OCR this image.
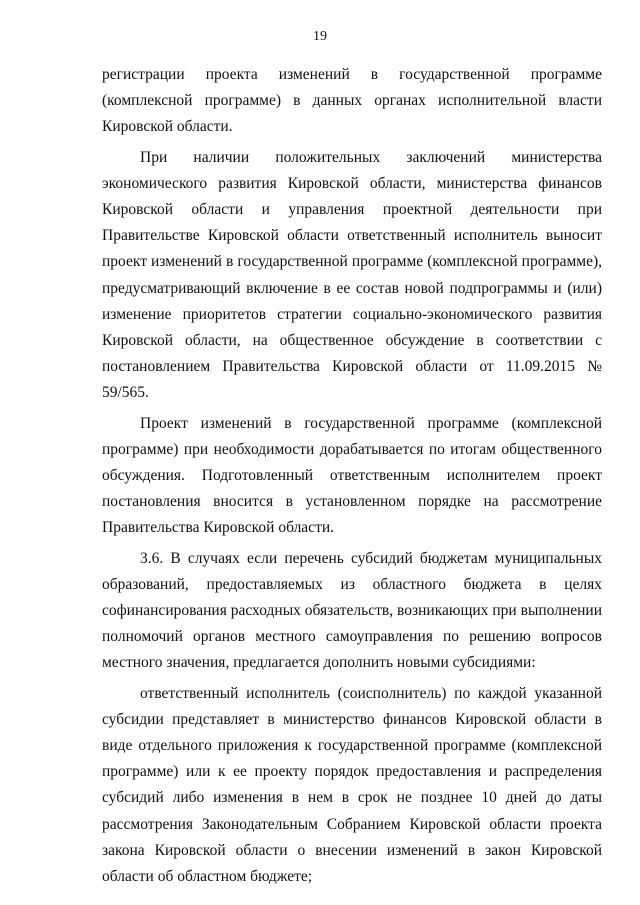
19

регистрации проекта изменений в государственной программе (комплексной программе) в данных органах исполнительной власти Кировской области.

При наличии положительных заключений министерства экономического развития Кировской области, министерства финансов Кировской области и управления проектной деятельности при Правительстве Кировской области ответственный исполнитель выносит проект изменений в государственной программе (комплексной программе), предусматривающий включение в ее состав новой подпрограммы и (или) изменение приоритетов стратегии социально-экономического развития Кировской области, на общественное обсуждение в соответствии с постановлением Правительства Кировской области от 11.09.2015 № 59/565.

Проект изменений в государственной программе (комплексной программе) при необходимости дорабатывается по итогам общественного обсуждения. Подготовленный ответственным исполнителем проект постановления вносится в установленном порядке на рассмотрение Правительства Кировской области.

3.6. В случаях если перечень субсидий бюджетам муниципальных образований, предоставляемых из областного бюджета в целях софинансирования расходных обязательств, возникающих при выполнении полномочий органов местного самоуправления по решению вопросов местного значения, предлагается дополнить новыми субсидиями:

ответственный исполнитель (соисполнитель) по каждой указанной субсидии представляет в министерство финансов Кировской области в виде отдельного приложения к государственной программе (комплексной программе) или к ее проекту порядок предоставления и распределения субсидий либо изменения в нем в срок не позднее 10 дней до даты рассмотрения Законодательным Собранием Кировской области проекта закона Кировской области о внесении изменений в закон Кировской области об областном бюджете;
